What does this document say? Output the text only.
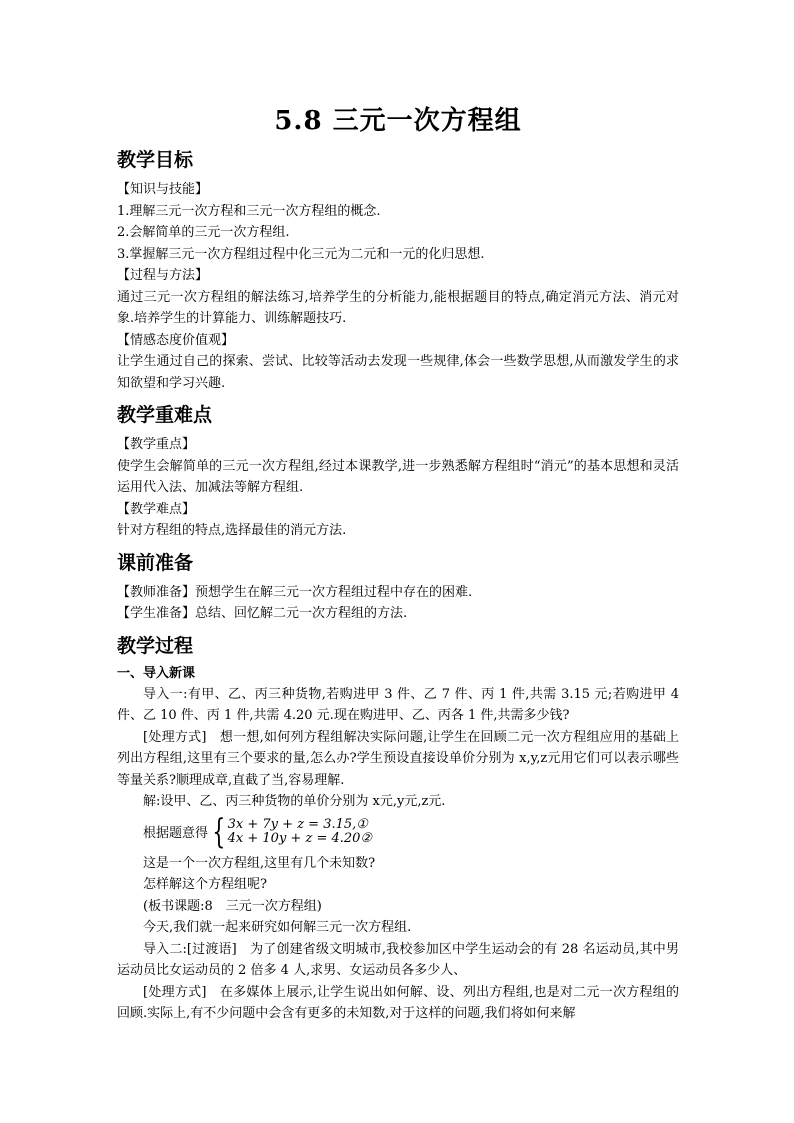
5.8 三元一次方程组
教学目标

【知识与技能】

1.理解三元一次方程和三元一次方程组的概念.

2.会解简单的三元一次方程组.

3.掌握解三元一次方程组过程中化三元为二元和一元的化归思想.

【过程与方法】

通过三元一次方程组的解法练习,培养学生的分析能力,能根据题目的特点,确定消元方法、消元对象.培养学生的计算能力、训练解题技巧.

【情感态度价值观】

让学生通过自己的探索、尝试、比较等活动去发现一些规律,体会一些数学思想,从而激发学生的求知欲望和学习兴趣.

教学重难点

【教学重点】

使学生会解简单的三元一次方程组,经过本课教学,进一步熟悉解方程组时“消元”的基本思想和灵活运用代入法、加减法等解方程组.

【教学难点】

针对方程组的特点,选择最佳的消元方法.

课前准备

【教师准备】预想学生在解三元一次方程组过程中存在的困难.

【学生准备】总结、回忆解二元一次方程组的方法.

教学过程

一、导入新课

导入一:有甲、乙、丙三种货物,若购进甲 3 件、乙 7 件、丙 1 件,共需 3.15 元;若购进甲 4 件、乙 10 件、丙 1 件,共需 4.20 元.现在购进甲、乙、丙各 1 件,共需多少钱?

[处理方式]　想一想,如何列方程组解决实际问题,让学生在回顾二元一次方程组应用的基础上列出方程组,这里有三个要求的量,怎么办?学生预设直接设单价分别为 x,y,z元用它们可以表示哪些等量关系?顺理成章,直截了当,容易理解.

解:设甲、乙、丙三种货物的单价分别为 x元,y元,z元.

根据题意得 { 3x + 7y + z = 3.15,①
4x + 10y + z = 4.20②

这是一个一次方程组,这里有几个未知数?

怎样解这个方程组呢?

(板书课题:8　三元一次方程组)

今天,我们就一起来研究如何解三元一次方程组.

导入二:[过渡语]　为了创建省级文明城市,我校参加区中学生运动会的有 28 名运动员,其中男运动员比女运动员的 2 倍多 4 人,求男、女运动员各多少人、

[处理方式]　在多媒体上展示,让学生说出如何解、设、列出方程组,也是对二元一次方程组的回顾.实际上,有不少问题中会含有更多的未知数,对于这样的问题,我们将如何来解
